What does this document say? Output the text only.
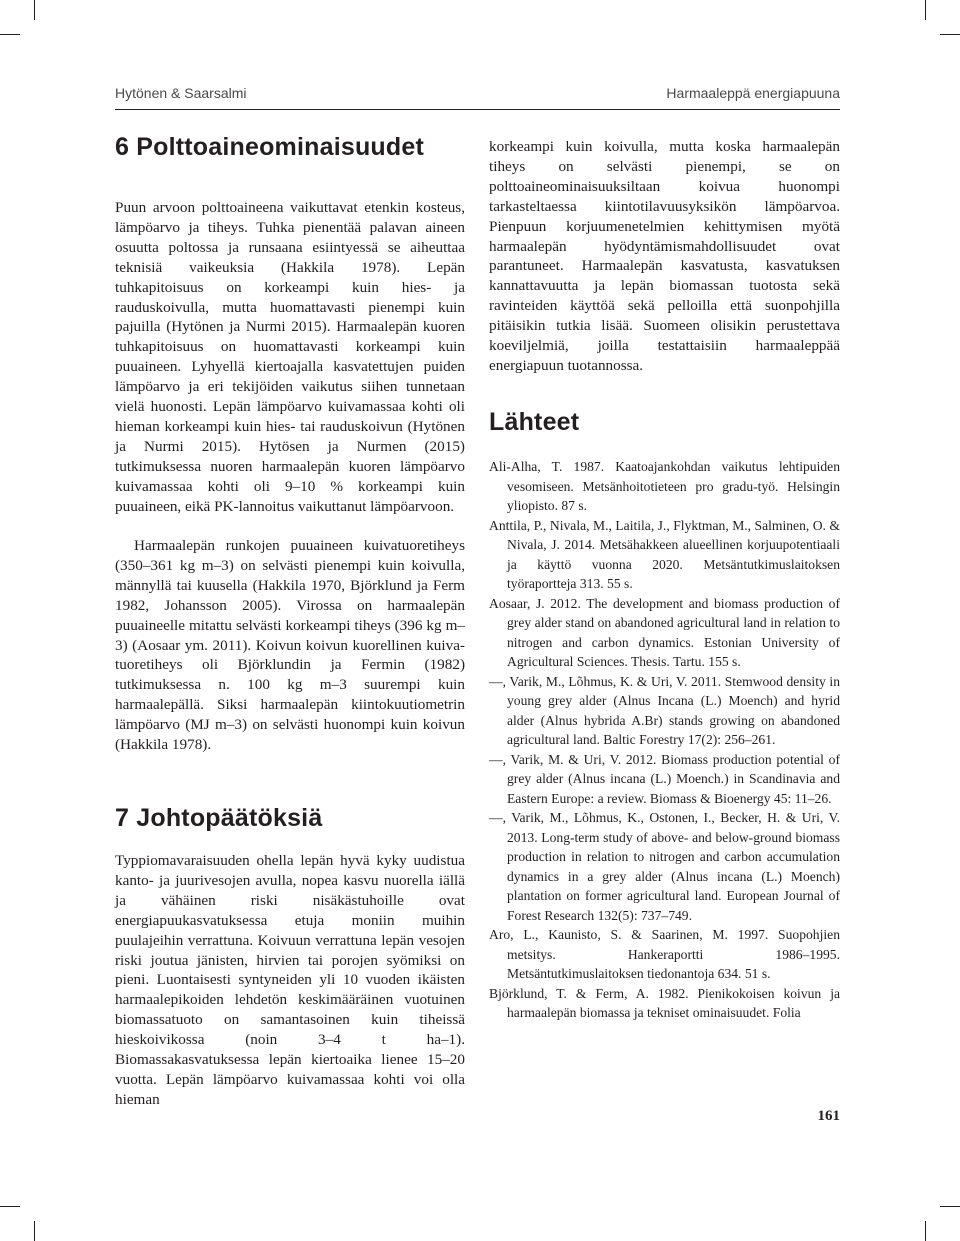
Hytönen & Saarsalmi	Harmaaleppä energiapuuna
6 Polttoaineominaisuudet

Puun arvoon polttoaineena vaikuttavat etenkin kosteus, lämpöarvo ja tiheys. Tuhka pienentää palavan aineen osuutta poltossa ja runsaana esiintyessä se aiheuttaa teknisiä vaikeuksia (Hakkila 1978). Lepän tuhkapitoisuus on korkeampi kuin hies- ja rauduskoivulla, mutta huomattavasti pienempi kuin pajuilla (Hytönen ja Nurmi 2015). Harmaalepän kuoren tuhkapitoisuus on huomattavasti korkeampi kuin puuaineen. Lyhyellä kiertoajalla kasvatettujen puiden lämpöarvo ja eri tekijöiden vaikutus siihen tunnetaan vielä huonosti. Lepän lämpöarvo kuivamassaa kohti oli hieman korkeampi kuin hies- tai rauduskoivun (Hytönen ja Nurmi 2015). Hytösen ja Nurmen (2015) tutkimuksessa nuoren harmaalepän kuoren lämpöarvo kuivamassaa kohti oli 9–10 % korkeampi kuin puuaineen, eikä PK-lannoitus vaikuttanut lämpöarvoon.

Harmaalepän runkojen puuaineen kuivatuoretiheys (350–361 kg m–3) on selvästi pienempi kuin koivulla, männyllä tai kuusella (Hakkila 1970, Björklund ja Ferm 1982, Johansson 2005). Virossa on harmaalepän puuaineelle mitattu selvästi korkeampi tiheys (396 kg m–3) (Aosaar ym. 2011). Koivun koivun kuorellinen kuiva-tuoretiheys oli Björklundin ja Fermin (1982) tutkimuksessa n. 100 kg m–3 suurempi kuin harmaalepällä. Siksi harmaalepän kiintokuutiometrin lämpöarvo (MJ m–3) on selvästi huonompi kuin koivun (Hakkila 1978).

7 Johtopäätöksiä

Typpiomavaraisuuden ohella lepän hyvä kyky uudistua kanto- ja juurivesojen avulla, nopea kasvu nuorella iällä ja vähäinen riski nisäkästuhoille ovat energiapuukasvatuksessa etuja moniin muihin puulajeihin verrattuna. Koivuun verrattuna lepän vesojen riski joutua jänisten, hirvien tai porojen syömiksi on pieni. Luontaisesti syntyneiden yli 10 vuoden ikäisten harmaalepikoiden lehdetön keskimääräinen vuotuinen biomassatuoto on samantasoinen kuin tiheissä hieskoivikossa (noin 3–4 t ha–1). Biomassakasvatuksessa lepän kiertoaika lienee 15–20 vuotta. Lepän lämpöarvo kuivamassaa kohti voi olla hieman

korkeampi kuin koivulla, mutta koska harmaalepän tiheys on selvästi pienempi, se on polttoaineominaisuuksiltaan koivua huonompi tarkasteltaessa kiintotilavuusyksikön lämpöarvoa. Pienpuun korjuumenetelmien kehittymisen myötä harmaalepän hyödyntämismahdollisuudet ovat parantuneet. Harmaalepän kasvatusta, kasvatuksen kannattavuutta ja lepän biomassan tuotosta sekä ravinteiden käyttöä sekä pelloilla että suonpohjilla pitäisikin tutkia lisää. Suomeen olisikin perustettava koeviljelmiä, joilla testattaisiin harmaaleppää energiapuun tuotannossa.

Lähteet

Ali-Alha, T. 1987. Kaatoajankohdan vaikutus lehtipuiden vesomiseen. Metsänhoitotieteen pro gradu-työ. Helsingin yliopisto. 87 s.

Anttila, P., Nivala, M., Laitila, J., Flyktman, M., Salminen, O. & Nivala, J. 2014. Metsähakkeen alueellinen korjuupotentiaali ja käyttö vuonna 2020. Metsäntutkimuslaitoksen työraportteja 313. 55 s.

Aosaar, J. 2012. The development and biomass production of grey alder stand on abandoned agricultural land in relation to nitrogen and carbon dynamics. Estonian University of Agricultural Sciences. Thesis. Tartu. 155 s.

—, Varik, M., Lõhmus, K. & Uri, V. 2011. Stemwood density in young grey alder (Alnus Incana (L.) Moench) and hyrid alder (Alnus hybrida A.Br) stands growing on abandoned agricultural land. Baltic Forestry 17(2): 256–261.

—, Varik, M. & Uri, V. 2012. Biomass production potential of grey alder (Alnus incana (L.) Moench.) in Scandinavia and Eastern Europe: a review. Biomass & Bioenergy 45: 11–26.

—, Varik, M., Lõhmus, K., Ostonen, I., Becker, H. & Uri, V. 2013. Long-term study of above- and below-ground biomass production in relation to nitrogen and carbon accumulation dynamics in a grey alder (Alnus incana (L.) Moench) plantation on former agricultural land. European Journal of Forest Research 132(5): 737–749.

Aro, L., Kaunisto, S. & Saarinen, M. 1997. Suopohjien metsitys. Hankeraportti 1986–1995. Metsäntutkimuslaitoksen tiedonantoja 634. 51 s.

Björklund, T. & Ferm, A. 1982. Pienikokoisen koivun ja harmaalepän biomassa ja tekniset ominaisuudet. Folia

161
